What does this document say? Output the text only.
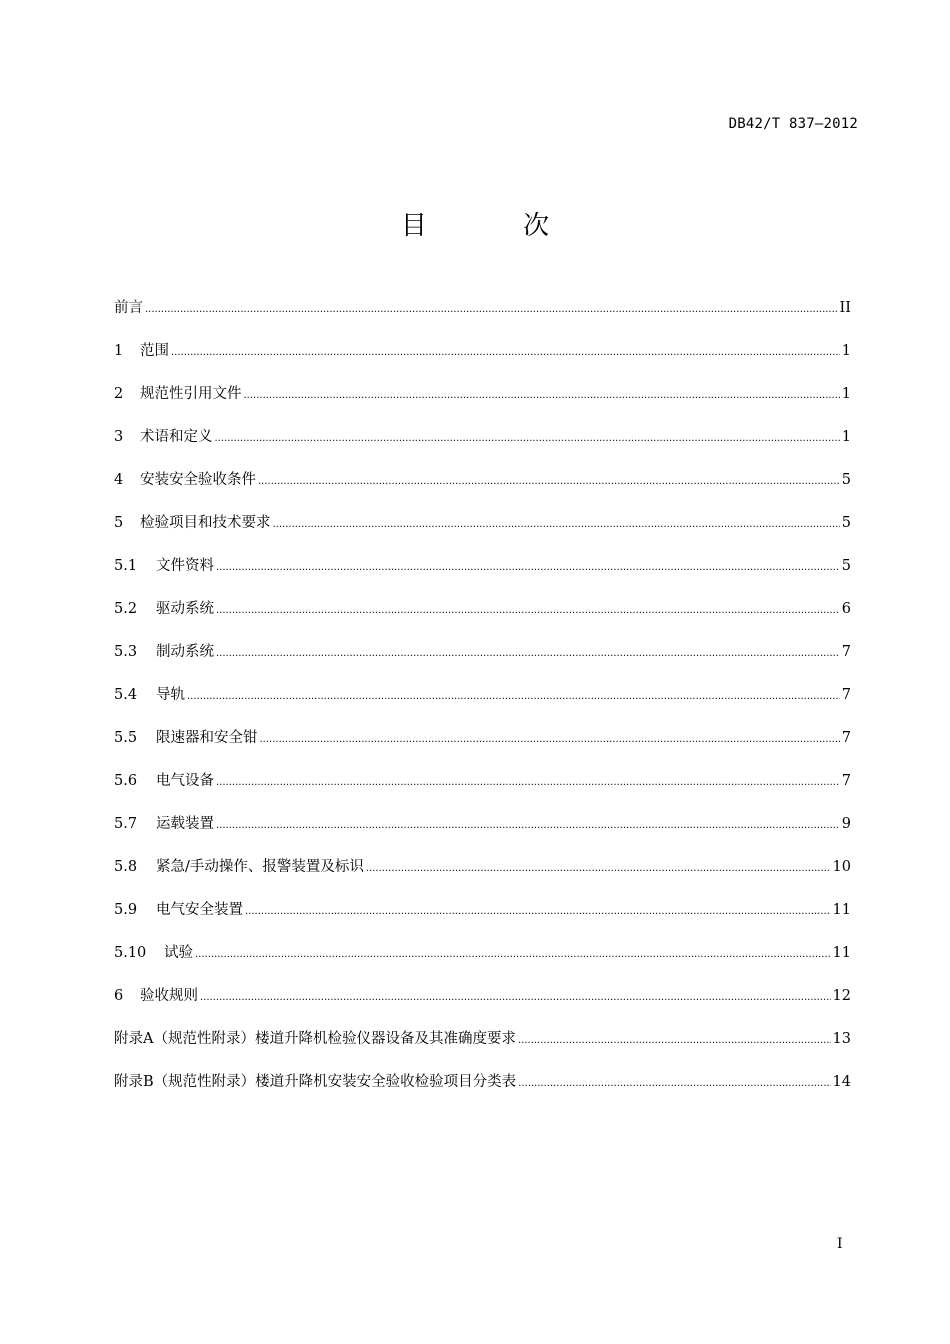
DB42/T 837—2012
目 次
前言 .....	II
1	范围 .....	1
2	规范性引用文件 .....	1
3	术语和定义 .....	1
4	安装安全验收条件 .....	5
5	检验项目和技术要求 .....	5
5.1	文件资料 .....	5
5.2	驱动系统 .....	6
5.3	制动系统 .....	7
5.4	导轨 .....	7
5.5	限速器和安全钳 .....	7
5.6	电气设备 .....	7
5.7	运载装置 .....	9
5.8	紧急/手动操作、报警装置及标识 .....	10
5.9	电气安全装置 .....	11
5.10	试验 .....	11
6	验收规则 .....	12
附录A（规范性附录）楼道升降机检验仪器设备及其准确度要求 .....	13
附录B（规范性附录）楼道升降机安装安全验收检验项目分类表 .....	14
I
